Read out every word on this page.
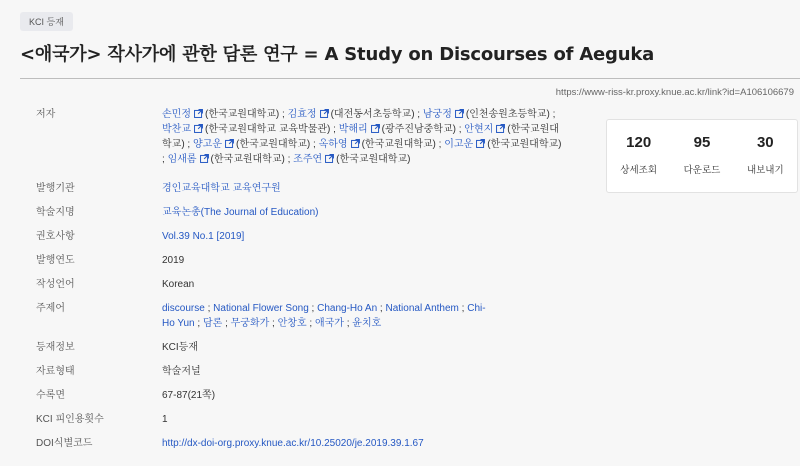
KCI 등재
<애국가> 작사가에 관한 담론 연구 = A Study on Discourses of Aeguka
https://www-riss-kr.proxy.knue.ac.kr/link?id=A106106679
저자	손민정 (한국교원대학교) ; 김효정 (대전동서초등학교) ; 남궁정 (인천송원초등학교) ; 박찬교 (한국교원대학교 교육박물관) ; 박해리 (광주진남중학교) ; 안현지 (한국교원대학교) ; 양고운 (한국교원대학교) ; 옥하영 (한국교원대학교) ; 이고운 (한국교원대학교) ; 임새롬 (한국교원대학교) ; 조주연 (한국교원대학교)
발행기관	경인교육대학교 교육연구원
학술지명	교육논총(The Journal of Education)
권호사항	Vol.39 No.1 [2019]
발행연도	2019
작성언어	Korean
주제어	discourse ; National Flower Song ; Chang-Ho An ; National Anthem ; Chi-Ho Yun ; 담론 ; 무궁화가 ; 안창호 ; 애국가 ; 윤치호
등재정보	KCI등재
자료형태	학술저널
수록면	67-87(21쪽)
KCI 피인용횟수	1
DOI식별코드	http://dx-doi-org.proxy.knue.ac.kr/10.25020/je.2019.39.1.67
120
상세조회
95
다운로드
30
내보내기
